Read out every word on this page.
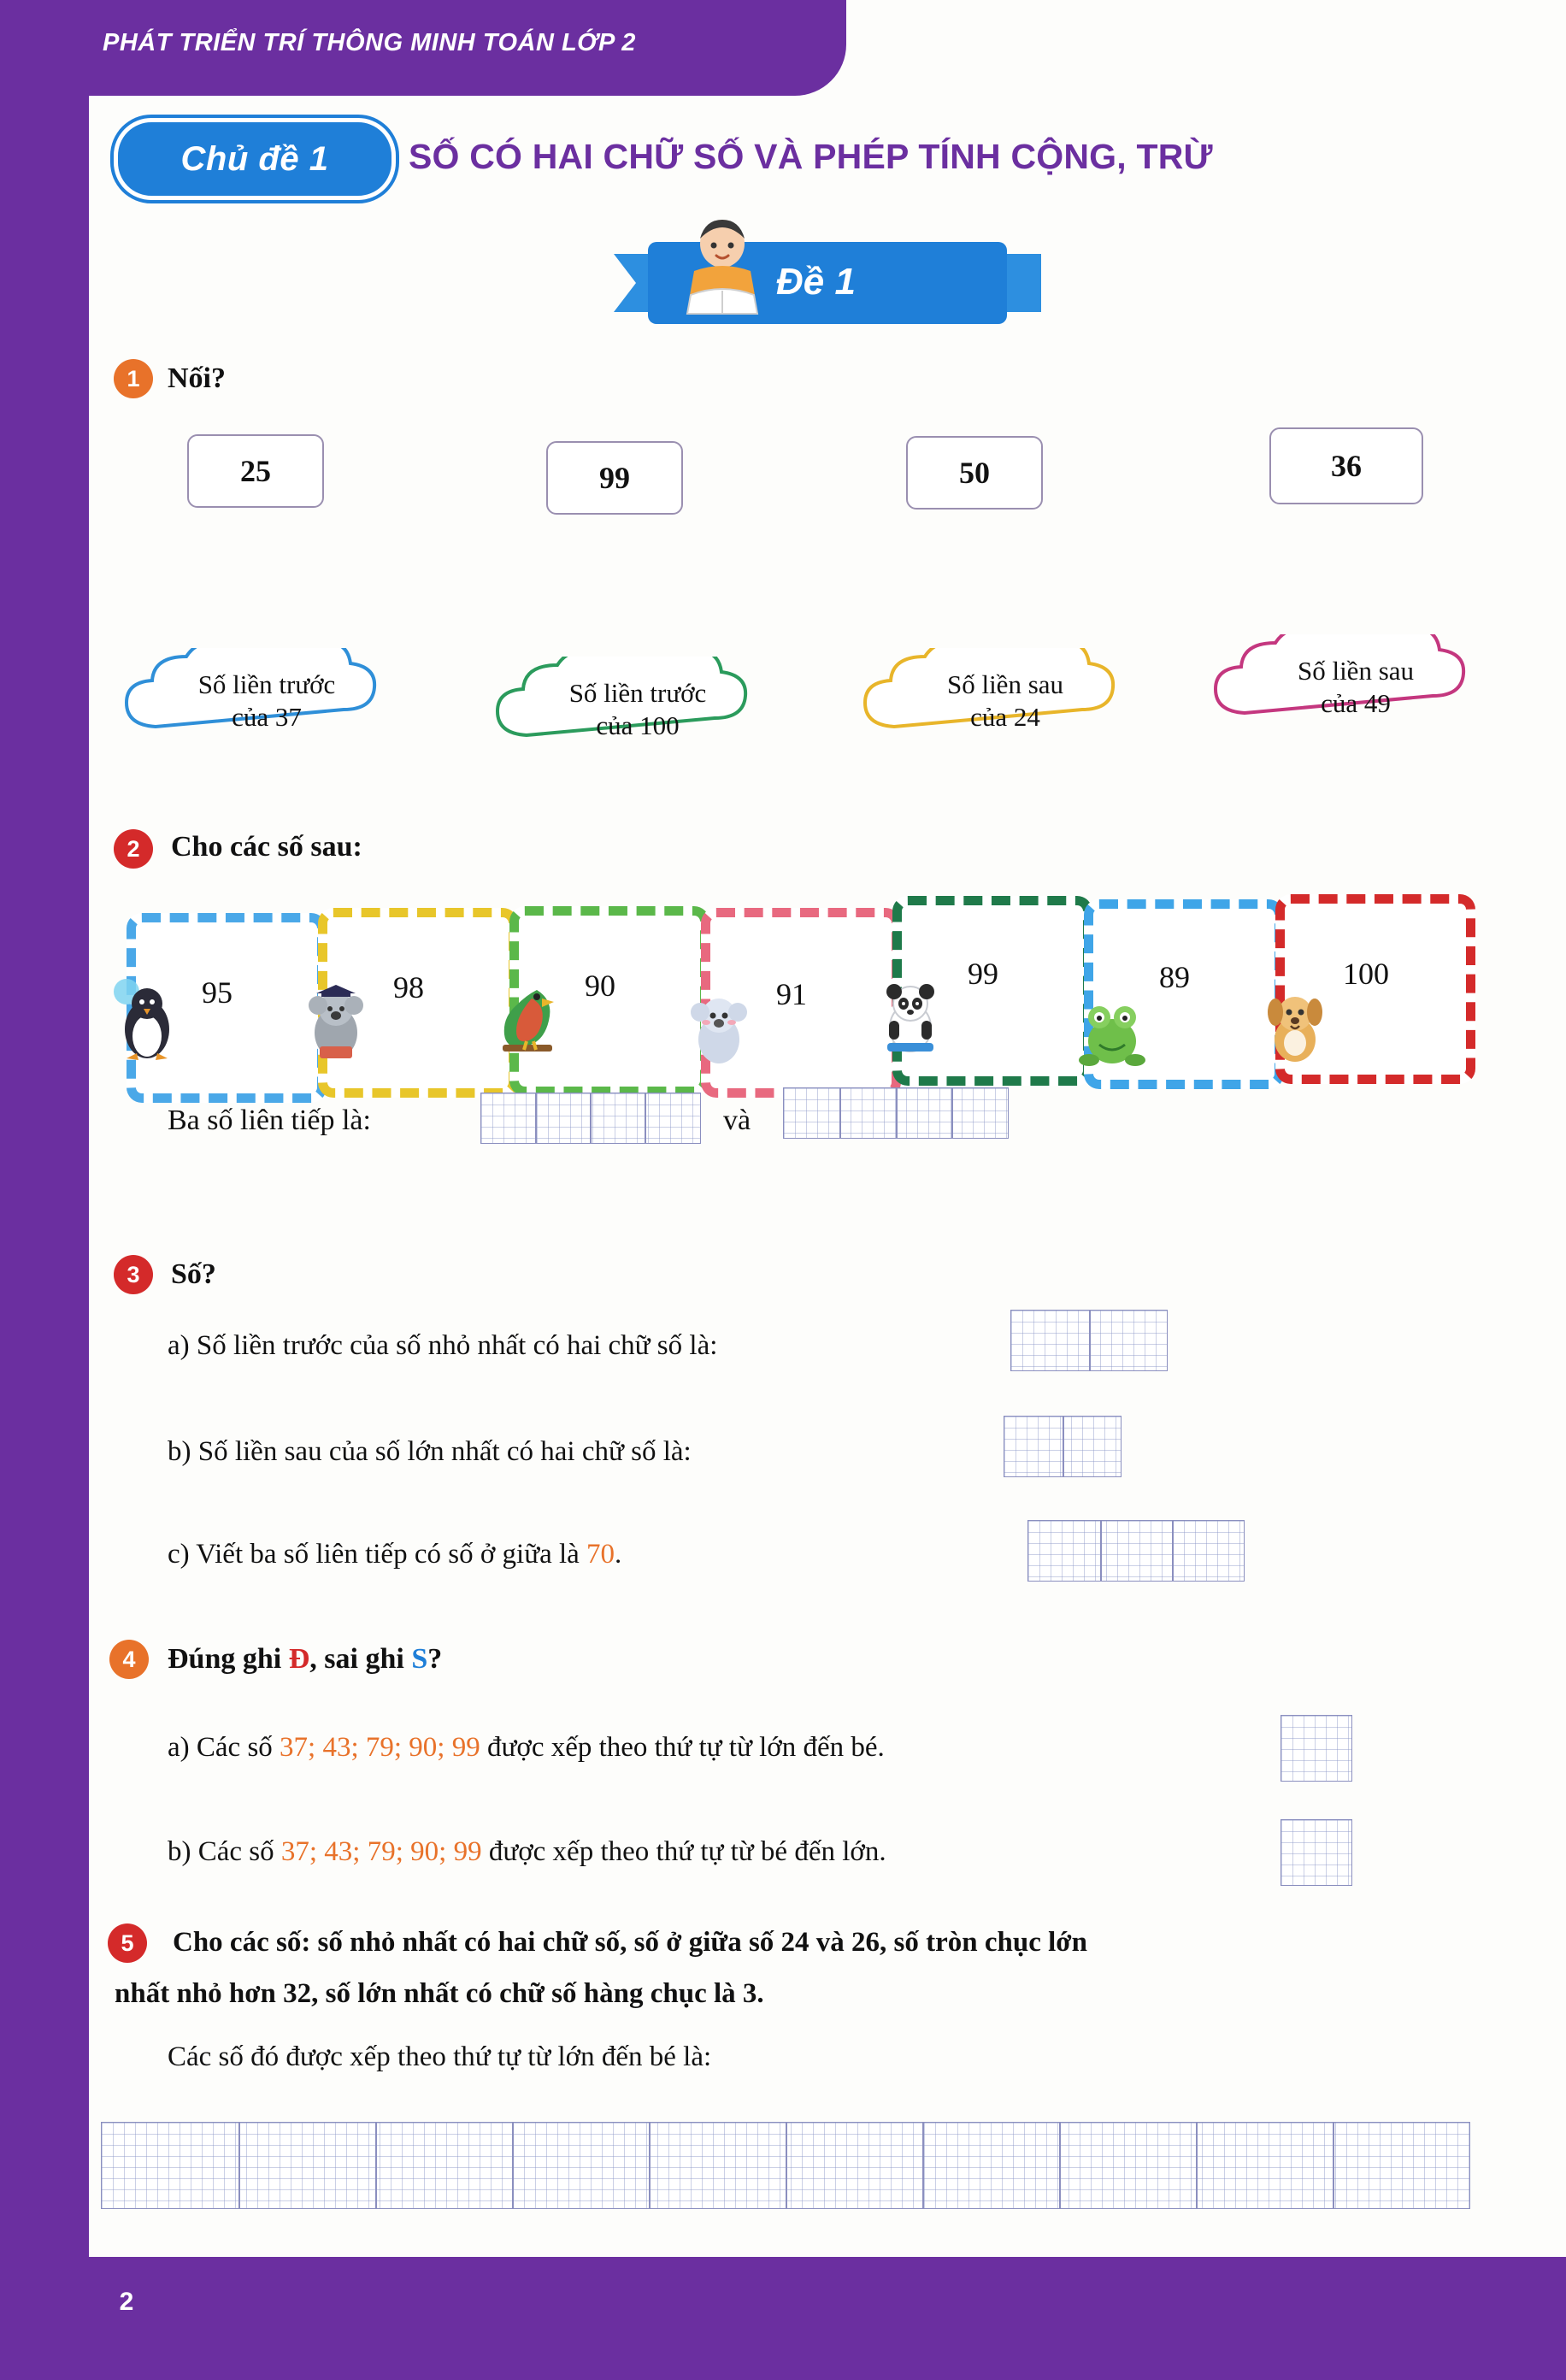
PHÁT TRIỂN TRÍ THÔNG MINH TOÁN LỚP 2
2
Chủ đề 1 SỐ CÓ HAI CHỮ SỐ VÀ PHÉP TÍNH CỘNG, TRỪ
Đề 1
1 Nối?
25	99	50	36
Số liền trước
của 37
Số liền trước
của 100
Số liền sau
của 24
Số liền sau
của 49
2	Cho các số sau:
95	98	90	91
99	89	100
Ba số liên tiếp là:	và
3	Số?
a) Số liền trước của số nhỏ nhất có hai chữ số là:
b) Số liền sau của số lớn nhất có hai chữ số là:
c) Viết ba số liên tiếp có số ở giữa là 70.
4	Đúng ghi Đ, sai ghi S?
a) Các số 37; 43; 79; 90; 99 được xếp theo thứ tự từ lớn đến bé.
b) Các số 37; 43; 79; 90; 99 được xếp theo thứ tự từ bé đến lớn.
5	Cho các số: số nhỏ nhất có hai chữ số, số ở giữa số 24 và 26, số tròn chục lớn
nhất nhỏ hơn 32, số lớn nhất có chữ số hàng chục là 3.
Các số đó được xếp theo thứ tự từ lớn đến bé là:
